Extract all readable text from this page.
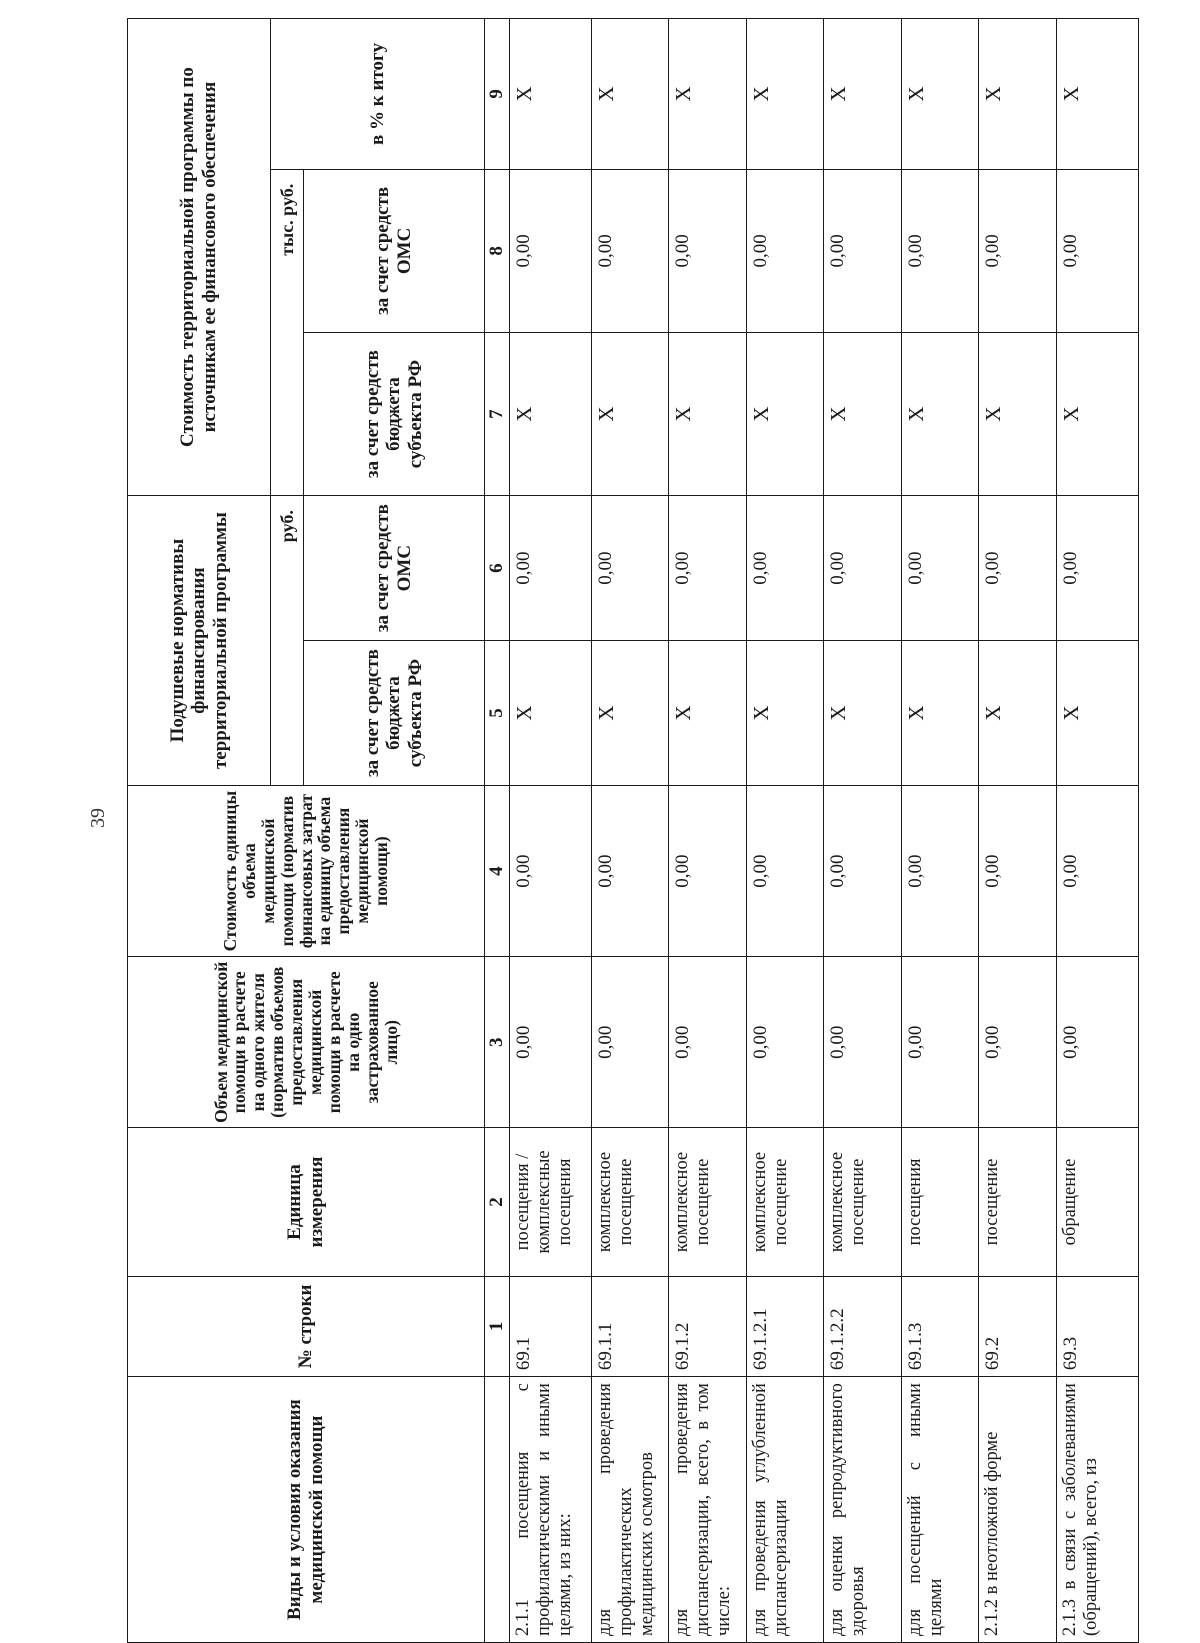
39
Виды и условия оказания медицинской помощи	№ строки	Единица измерения	Объем медицинской помощи в расчете на одного жителя (норматив объемов предоставления медицинской помощи в расчете на одно застрахованное лицо)	Стоимость единицы объема медицинской помощи (норматив финансовых затрат на единицу объема предоставления медицинской помощи)	Подушевые нормативы финансирования территориальной программы		Стоимость территориальной программы по источникам ее финансового обеспечения		
					руб.		тыс. руб.		в % к итогу
					за счет средств бюджета субъекта РФ	за счет средств ОМС	за счет средств бюджета субъекта РФ	за счет средств ОМС	
	1	2	3	4	5	6	7	8	9
2.1.1 посещения с профилактическими и иными целями, из них:	69.1	посещения / комплексные посещения	0,00	0,00	X	0,00	X	0,00	X
для проведения профилактических медицинских осмотров	69.1.1	комплексное посещение	0,00	0,00	X	0,00	X	0,00	X
для проведения диспансеризации, всего, в том числе:	69.1.2	комплексное посещение	0,00	0,00	X	0,00	X	0,00	X
для проведения углубленной диспансеризации	69.1.2.1	комплексное посещение	0,00	0,00	X	0,00	X	0,00	X
для оценки репродуктивного здоровья	69.1.2.2	комплексное посещение	0,00	0,00	X	0,00	X	0,00	X
для посещений с иными целями	69.1.3	посещения	0,00	0,00	X	0,00	X	0,00	X
2.1.2 в неотложной форме	69.2	посещение	0,00	0,00	X	0,00	X	0,00	X
2.1.3 в связи с заболеваниями (обращений), всего, из	69.3	обращение	0,00	0,00	X	0,00	X	0,00	X
